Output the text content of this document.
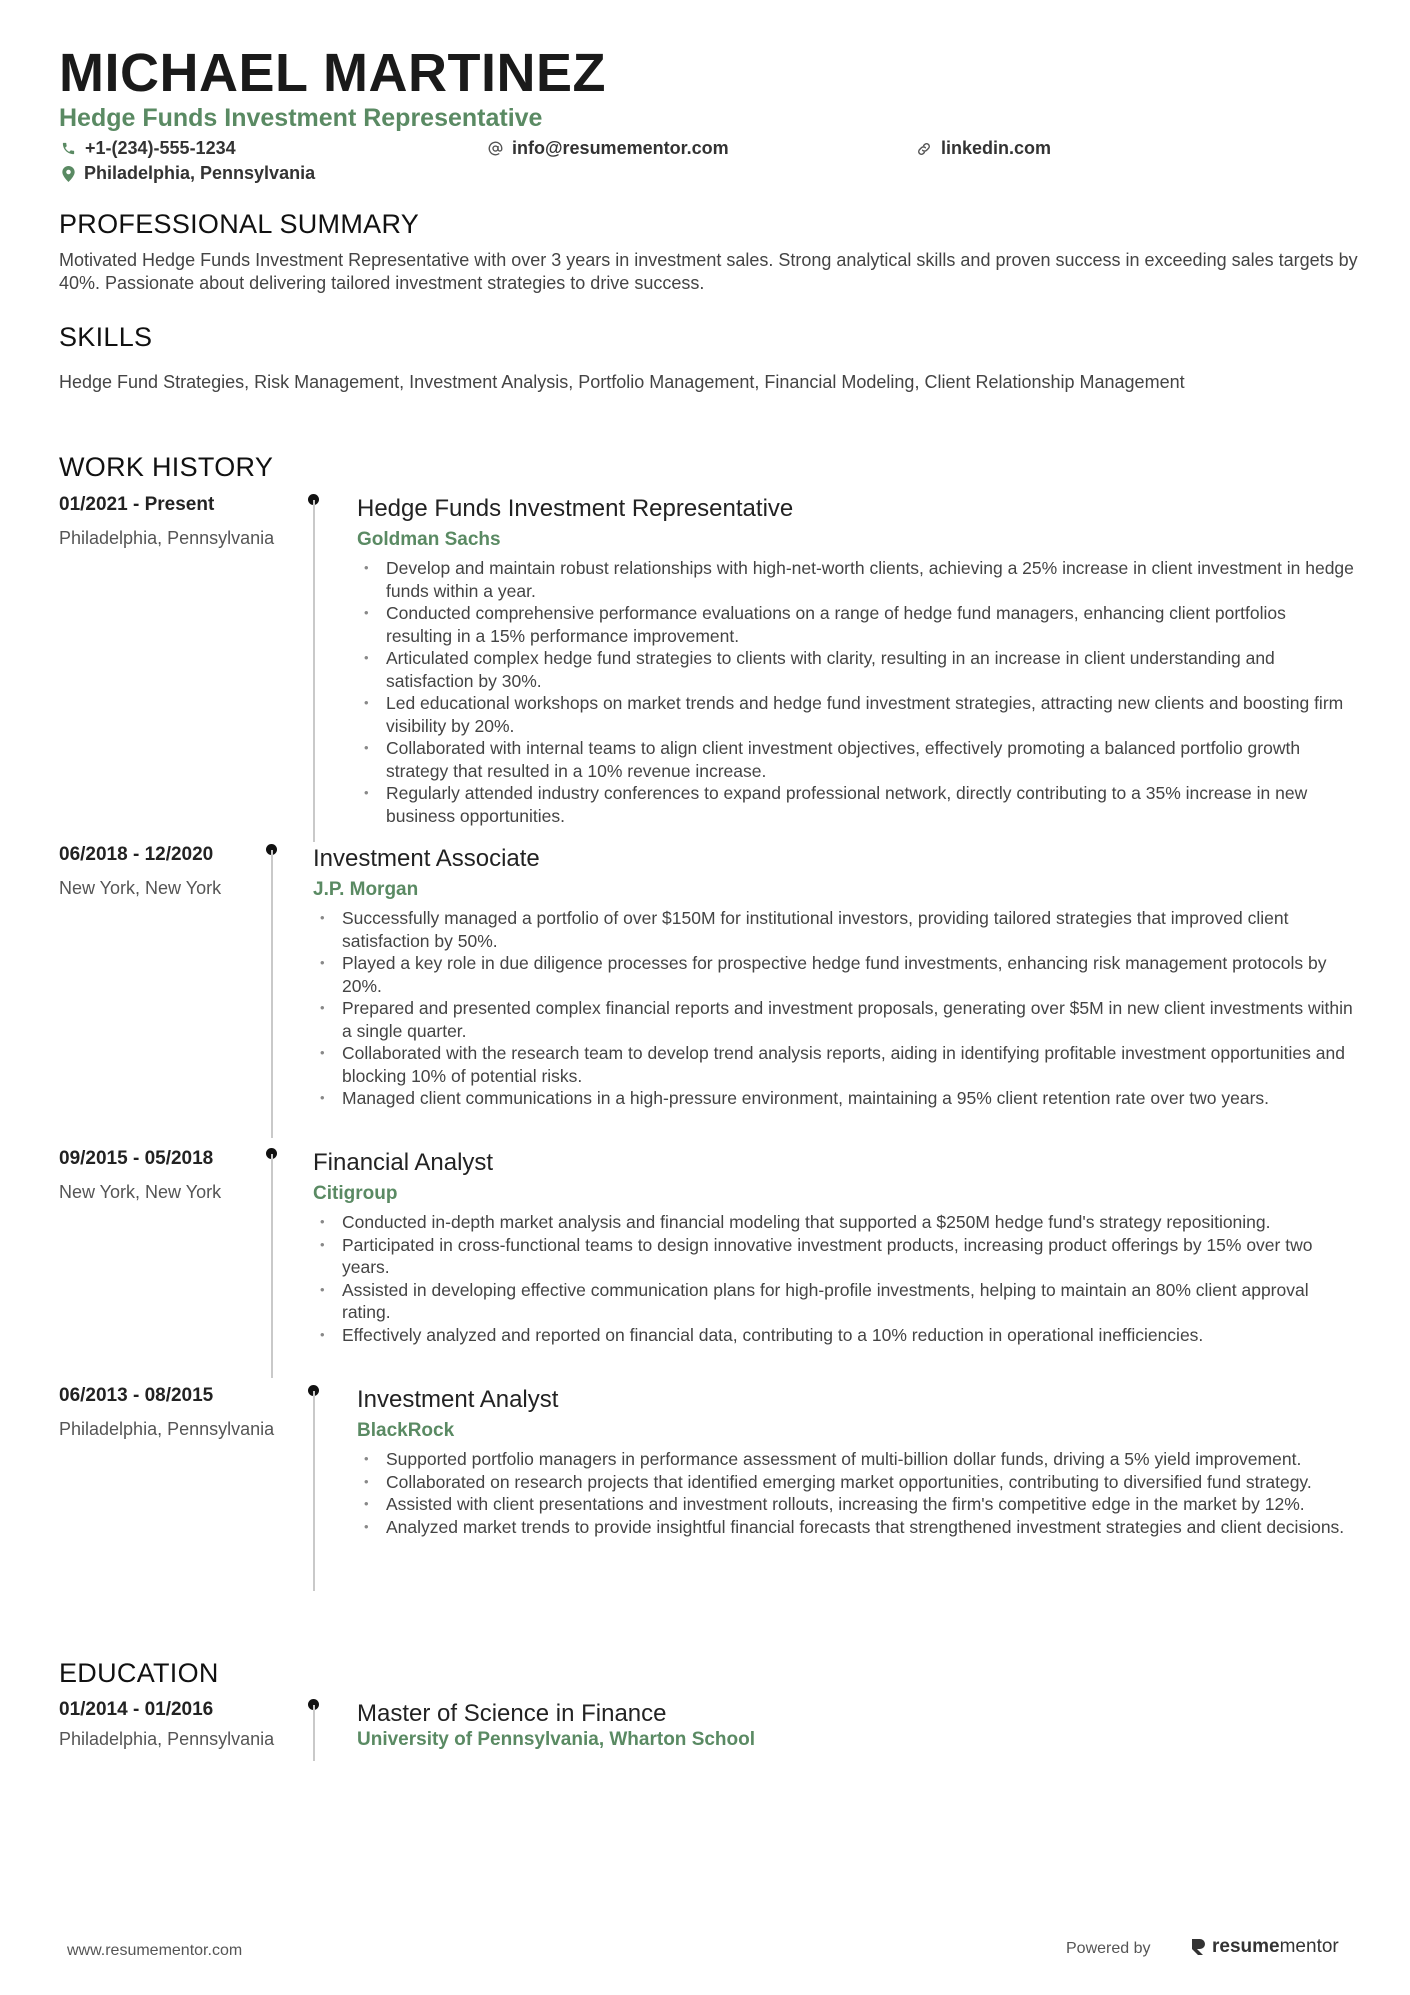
MICHAEL MARTINEZ
Hedge Funds Investment Representative
+1-(234)-555-1234	info@resumementor.com	linkedin.com
Philadelphia, Pennsylvania
PROFESSIONAL SUMMARY
Motivated Hedge Funds Investment Representative with over 3 years in investment sales. Strong analytical skills and proven success in exceeding sales targets by 40%. Passionate about delivering tailored investment strategies to drive success.
SKILLS
Hedge Fund Strategies, Risk Management, Investment Analysis, Portfolio Management, Financial Modeling, Client Relationship Management
WORK HISTORY
01/2021 - Present
Philadelphia, Pennsylvania
Hedge Funds Investment Representative
Goldman Sachs
• Develop and maintain robust relationships with high-net-worth clients, achieving a 25% increase in client investment in hedge funds within a year.
• Conducted comprehensive performance evaluations on a range of hedge fund managers, enhancing client portfolios resulting in a 15% performance improvement.
• Articulated complex hedge fund strategies to clients with clarity, resulting in an increase in client understanding and satisfaction by 30%.
• Led educational workshops on market trends and hedge fund investment strategies, attracting new clients and boosting firm visibility by 20%.
• Collaborated with internal teams to align client investment objectives, effectively promoting a balanced portfolio growth strategy that resulted in a 10% revenue increase.
• Regularly attended industry conferences to expand professional network, directly contributing to a 35% increase in new business opportunities.
06/2018 - 12/2020
New York, New York
Investment Associate
J.P. Morgan
• Successfully managed a portfolio of over $150M for institutional investors, providing tailored strategies that improved client satisfaction by 50%.
• Played a key role in due diligence processes for prospective hedge fund investments, enhancing risk management protocols by 20%.
• Prepared and presented complex financial reports and investment proposals, generating over $5M in new client investments within a single quarter.
• Collaborated with the research team to develop trend analysis reports, aiding in identifying profitable investment opportunities and blocking 10% of potential risks.
• Managed client communications in a high-pressure environment, maintaining a 95% client retention rate over two years.
09/2015 - 05/2018
New York, New York
Financial Analyst
Citigroup
• Conducted in-depth market analysis and financial modeling that supported a $250M hedge fund's strategy repositioning.
• Participated in cross-functional teams to design innovative investment products, increasing product offerings by 15% over two years.
• Assisted in developing effective communication plans for high-profile investments, helping to maintain an 80% client approval rating.
• Effectively analyzed and reported on financial data, contributing to a 10% reduction in operational inefficiencies.
06/2013 - 08/2015
Philadelphia, Pennsylvania
Investment Analyst
BlackRock
• Supported portfolio managers in performance assessment of multi-billion dollar funds, driving a 5% yield improvement.
• Collaborated on research projects that identified emerging market opportunities, contributing to diversified fund strategy.
• Assisted with client presentations and investment rollouts, increasing the firm's competitive edge in the market by 12%.
• Analyzed market trends to provide insightful financial forecasts that strengthened investment strategies and client decisions.
EDUCATION
01/2014 - 01/2016
Philadelphia, Pennsylvania
Master of Science in Finance
University of Pennsylvania, Wharton School
www.resumementor.com	Powered by	resumementor
